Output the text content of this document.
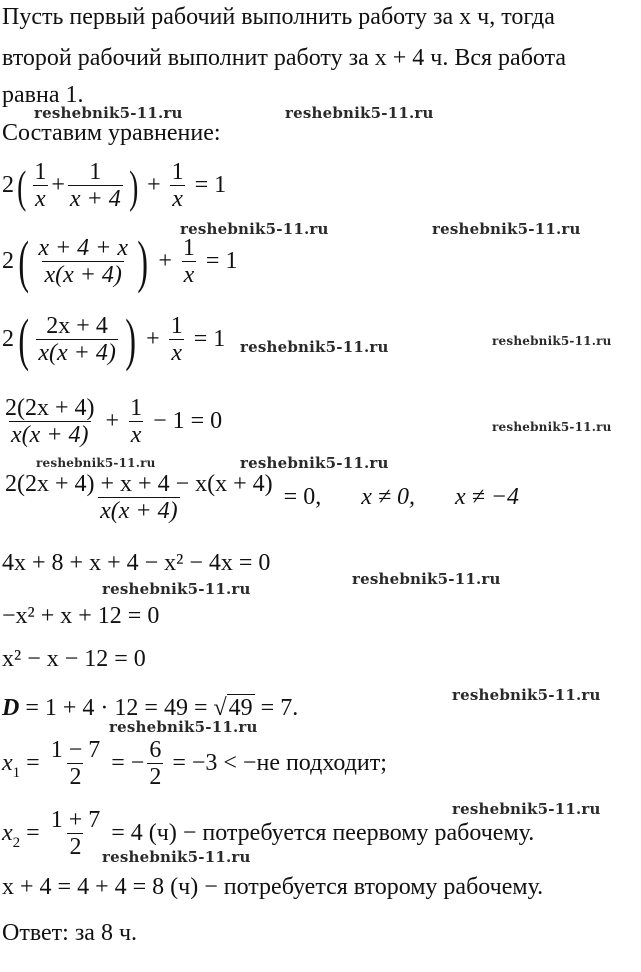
Пусть первый рабочий выполнить работу за x ч, тогда
второй рабочий выполнит работу за x + 4 ч. Вся работа
равна 1.
Составим уравнение:
$2( \frac{1}{x} + \frac{1}{x + 4}$ ) + $\frac{1}{x} = 1$
$2( \frac{x + 4 + x}{x(x + 4)}$ ) + $\frac{1}{x} = 1$
$2( \frac{2x + 4}{x(x + 4)}$ ) + $\frac{1}{x} = 1$
$\frac{2(2x + 4)}{x(x + 4)} + \frac{1}{x} - 1 = 0$
$\frac{2(2x + 4) + x + 4 - x(x + 4)}{x(x + 4)} = 0$, x ≠ 0, x ≠ −4
4x + 8 + x + 4 − x² − 4x = 0
−x² + x + 12 = 0
x² − x − 12 = 0
D = 1 + 4 · 12 = 49 = √49 = 7.
$x_1 = \frac{1 - 7}{2}$ = − $\frac{6}{2} = -3 < -не$ подходит;
$x_2 = \frac{1 + 7}{2} = 4$ (ч) − потребуется пеервому рабочему.
x + 4 = 4 + 4 = 8 (ч) − потребуется второму рабочему.
Ответ: за 8 ч.
reshebnik5-11.ru	reshebnik5-11.ru
reshebnik5-11.ru	reshebnik5-11.ru
reshebnik5-11.ru	reshebnik5-11.ru
reshebnik5-11.ru
reshebnik5-11.ru	reshebnik5-11.ru
reshebnik5-11.ru
reshebnik5-11.ru
reshebnik5-11.ru
reshebnik5-11.ru
reshebnik5-11.ru
reshebnik5-11.ru
